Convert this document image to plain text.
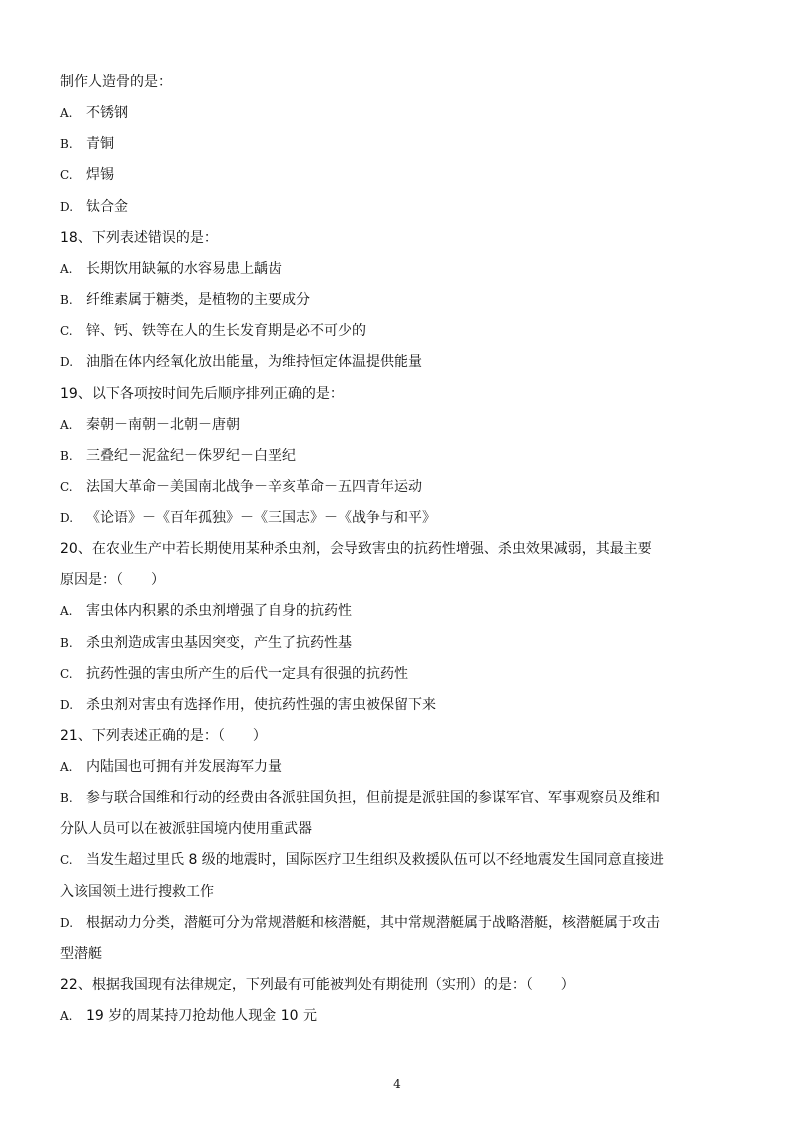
制作人造骨的是：
A. 不锈钢
B. 青铜
C. 焊锡
D. 钛合金
18、下列表述错误的是：
A. 长期饮用缺氟的水容易患上龋齿
B. 纤维素属于糖类，是植物的主要成分
C. 锌、钙、铁等在人的生长发育期是必不可少的
D. 油脂在体内经氧化放出能量，为维持恒定体温提供能量
19、以下各项按时间先后顺序排列正确的是：
A. 秦朝－南朝－北朝－唐朝
B. 三叠纪－泥盆纪－侏罗纪－白垩纪
C. 法国大革命－美国南北战争－辛亥革命－五四青年运动
D. 《论语》－《百年孤独》－《三国志》－《战争与和平》
20、在农业生产中若长期使用某种杀虫剂，会导致害虫的抗药性增强、杀虫效果减弱，其最主要
原因是：（　　）
A. 害虫体内积累的杀虫剂增强了自身的抗药性
B. 杀虫剂造成害虫基因突变，产生了抗药性基
C. 抗药性强的害虫所产生的后代一定具有很强的抗药性
D. 杀虫剂对害虫有选择作用，使抗药性强的害虫被保留下来
21、下列表述正确的是：（　　）
A. 内陆国也可拥有并发展海军力量
B. 参与联合国维和行动的经费由各派驻国负担，但前提是派驻国的参谋军官、军事观察员及维和
分队人员可以在被派驻国境内使用重武器
C. 当发生超过里氏 8 级的地震时，国际医疗卫生组织及救援队伍可以不经地震发生国同意直接进
入该国领土进行搜救工作
D. 根据动力分类，潜艇可分为常规潜艇和核潜艇，其中常规潜艇属于战略潜艇，核潜艇属于攻击
型潜艇
22、根据我国现有法律规定，下列最有可能被判处有期徒刑（实刑）的是：（　　）
A. 19 岁的周某持刀抢劫他人现金 10 元
4
